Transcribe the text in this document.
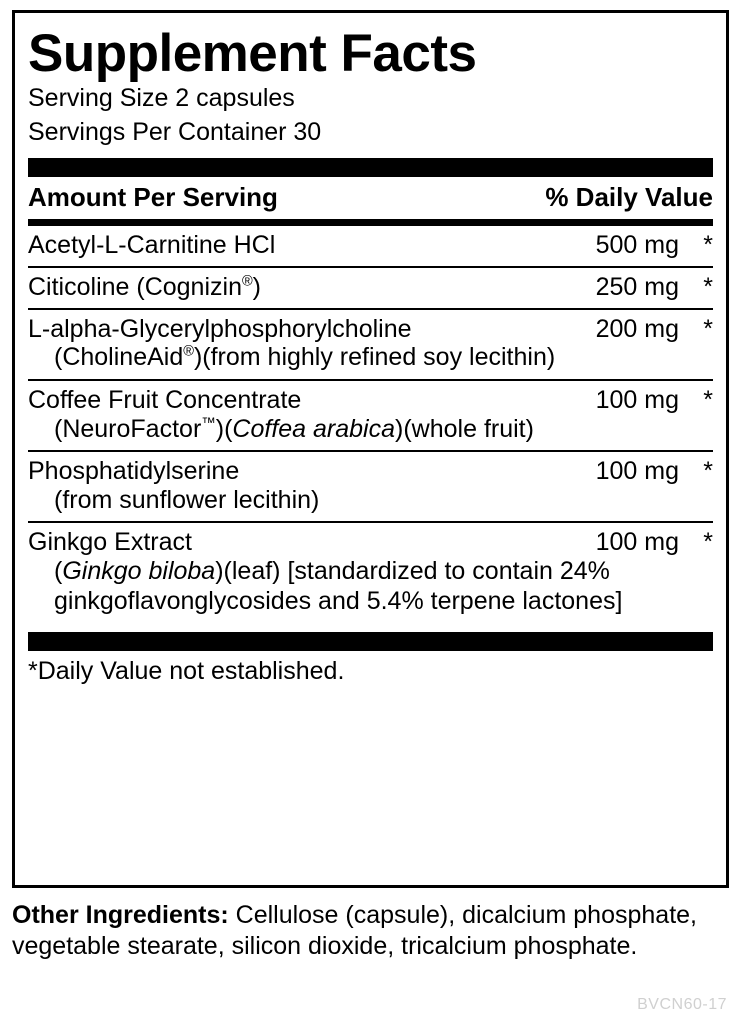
Supplement Facts
Serving Size 2 capsules
Servings Per Container 30
Amount Per Serving	% Daily Value
Acetyl-L-Carnitine HCl	500 mg *
Citicoline (Cognizin®)	250 mg *
L-alpha-Glycerylphosphorylcholine	200 mg *
(CholineAid®)(from highly refined soy lecithin)
Coffee Fruit Concentrate	100 mg *
(NeuroFactor™)(Coffea arabica)(whole fruit)
Phosphatidylserine	100 mg *
(from sunflower lecithin)
Ginkgo Extract	100 mg *
(Ginkgo biloba)(leaf) [standardized to contain 24%
ginkgoflavonglycosides and 5.4% terpene lactones]
*Daily Value not established.
Other Ingredients: Cellulose (capsule), dicalcium phosphate, vegetable stearate, silicon dioxide, tricalcium phosphate.
BVCN60-17
